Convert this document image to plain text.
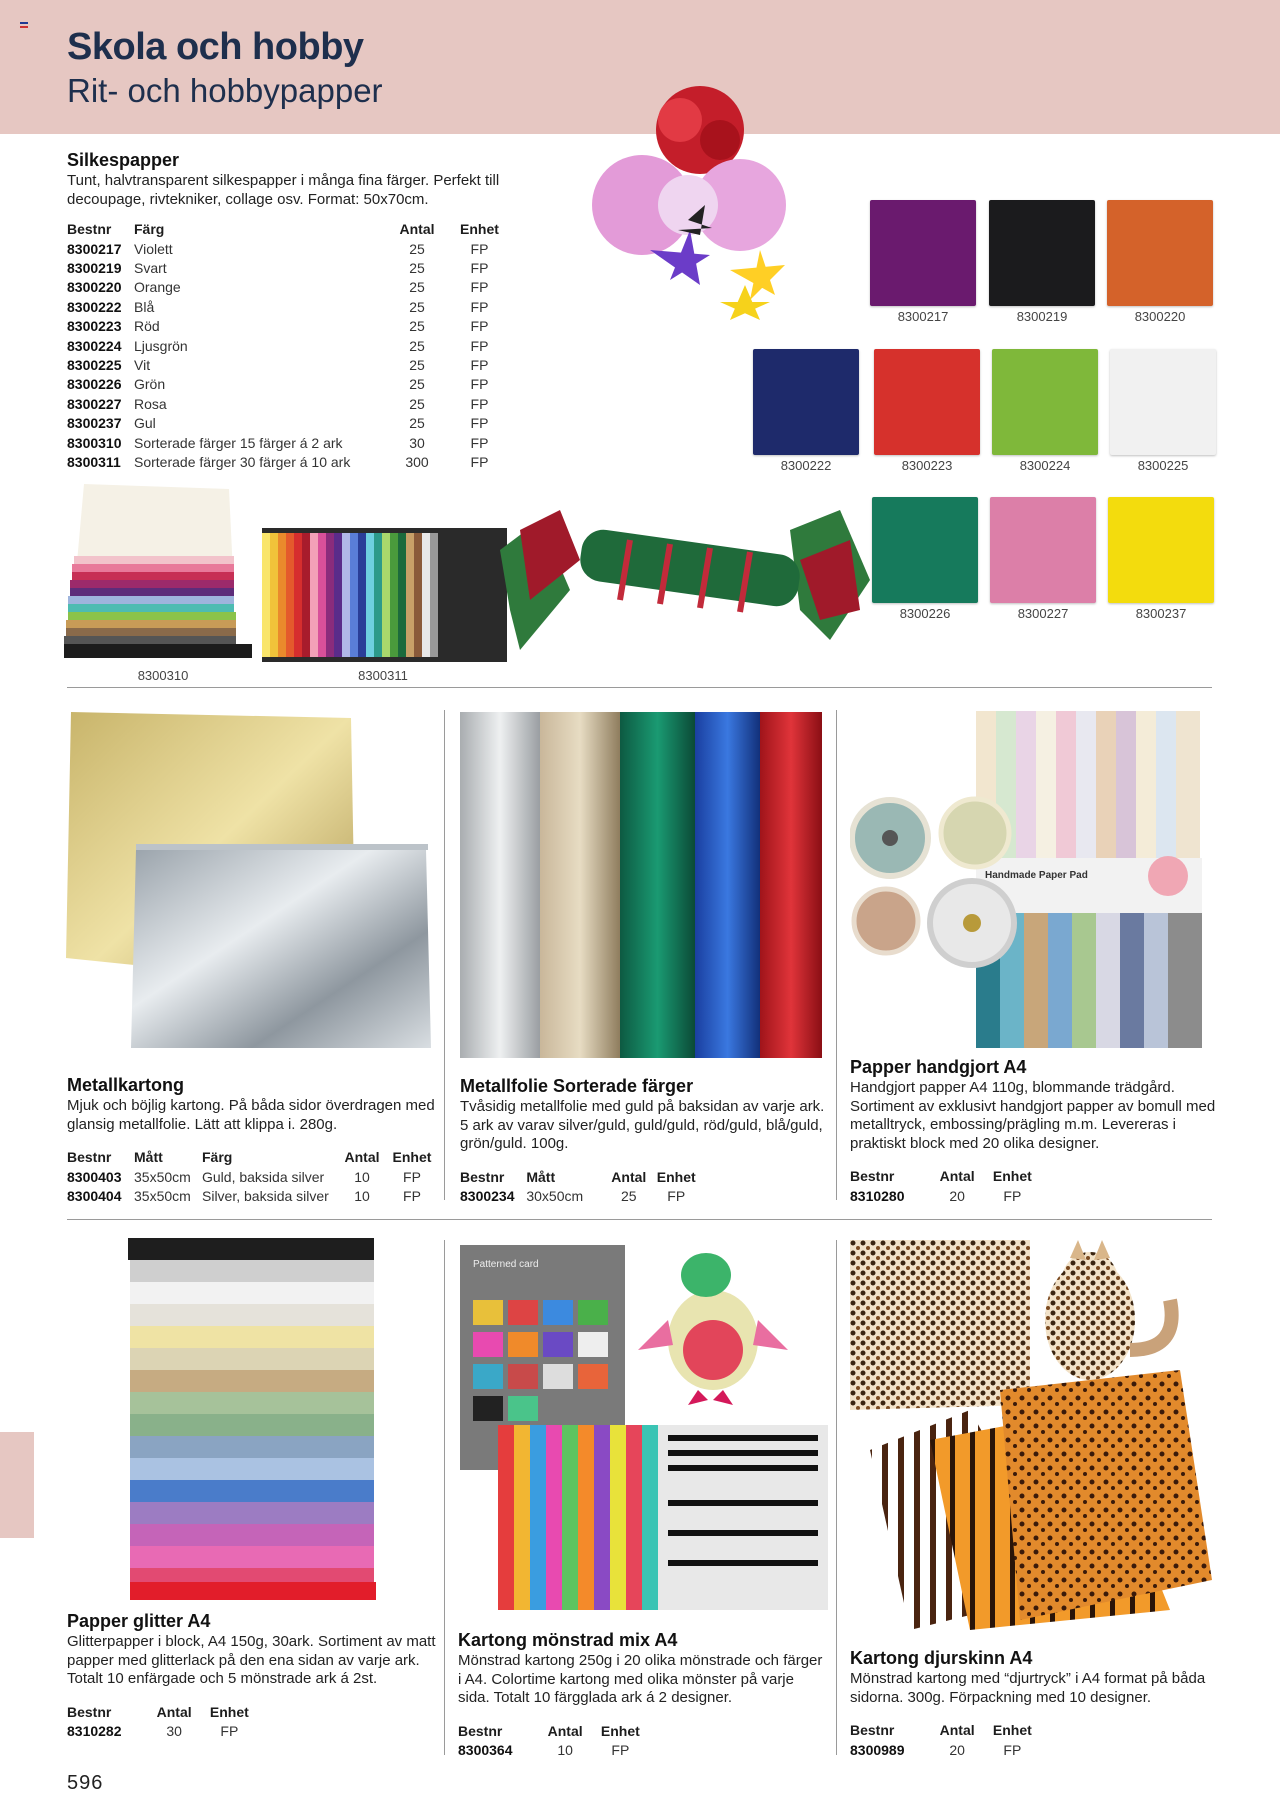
Skola och hobby
Rit- och hobbypapper
Silkespapper
Tunt, halvtransparent silkespapper i många fina färger. Perfekt till decoupage, rivtekniker, collage osv. Format: 50x70cm.
Bestnr	Färg	Antal	Enhet
8300217	Violett	25	FP
8300219	Svart	25	FP
8300220	Orange	25	FP
8300222	Blå	25	FP
8300223	Röd	25	FP
8300224	Ljusgrön	25	FP
8300225	Vit	25	FP
8300226	Grön	25	FP
8300227	Rosa	25	FP
8300237	Gul	25	FP
8300310	Sorterade färger 15 färger á 2 ark	30	FP
8300311	Sorterade färger 30 färger á 10 ark	300	FP
8300217	8300219	8300220
8300222	8300223	8300224	8300225
8300226	8300227	8300237
8300310	8300311
Handmade Paper Pad
Metallkartong
Mjuk och böjlig kartong. På båda sidor överdragen med glansig metallfolie. Lätt att klippa i. 280g.
Bestnr	Mått	Färg	Antal	Enhet
8300403	35x50cm	Guld, baksida silver	10	FP
8300404	35x50cm	Silver, baksida silver	10	FP
Metallfolie Sorterade färger
Tvåsidig metallfolie med guld på baksidan av varje ark. 5 ark av varav silver/guld, guld/guld, röd/guld, blå/guld, grön/guld. 100g.
Bestnr	Mått	Antal	Enhet
8300234	30x50cm	25	FP
Papper handgjort A4
Handgjort papper A4 110g, blommande trädgård. Sortiment av exklusivt handgjort papper av bomull med metalltryck, embossing/prägling m.m. Levereras i praktiskt block med 20 olika designer.
Bestnr	Antal	Enhet
8310280	20	FP
Patterned card
Papper glitter A4
Glitterpapper i block, A4 150g, 30ark. Sortiment av matt papper med glitterlack på den ena sidan av varje ark. Totalt 10 enfärgade och 5 mönstrade ark á 2st.
Bestnr	Antal	Enhet
8310282	30	FP
Kartong mönstrad mix A4
Mönstrad kartong 250g i 20 olika mönstrade och färger i A4. Colortime kartong med olika mönster på varje sida. Totalt 10 färgglada ark á 2 designer.
Bestnr	Antal	Enhet
8300364	10	FP
Kartong djurskinn A4
Mönstrad kartong med “djurtryck” i A4 format på båda sidorna. 300g. Förpackning med 10 designer.
Bestnr	Antal	Enhet
8300989	20	FP
596
